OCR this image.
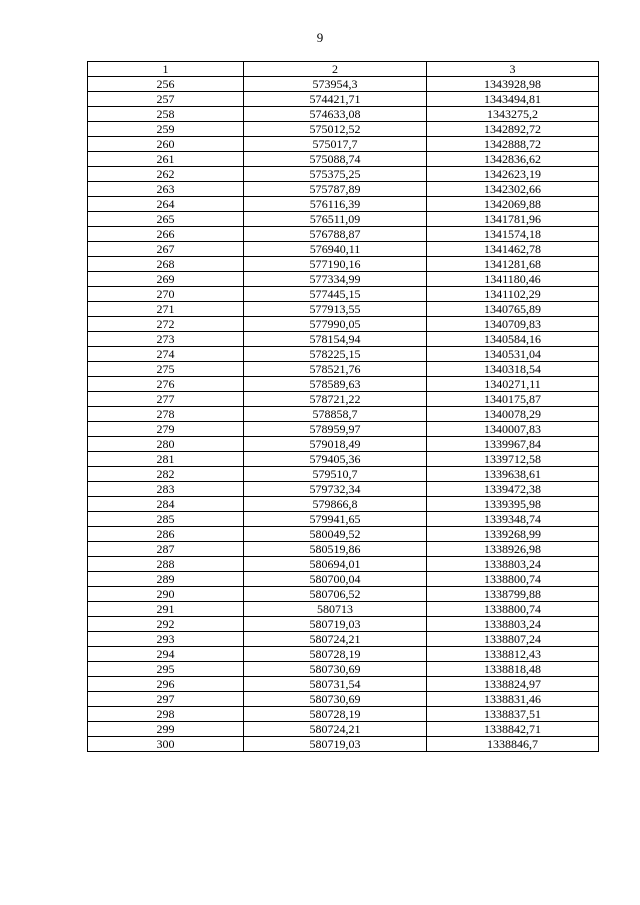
9
1	2	3
256	573954,3	1343928,98
257	574421,71	1343494,81
258	574633,08	1343275,2
259	575012,52	1342892,72
260	575017,7	1342888,72
261	575088,74	1342836,62
262	575375,25	1342623,19
263	575787,89	1342302,66
264	576116,39	1342069,88
265	576511,09	1341781,96
266	576788,87	1341574,18
267	576940,11	1341462,78
268	577190,16	1341281,68
269	577334,99	1341180,46
270	577445,15	1341102,29
271	577913,55	1340765,89
272	577990,05	1340709,83
273	578154,94	1340584,16
274	578225,15	1340531,04
275	578521,76	1340318,54
276	578589,63	1340271,11
277	578721,22	1340175,87
278	578858,7	1340078,29
279	578959,97	1340007,83
280	579018,49	1339967,84
281	579405,36	1339712,58
282	579510,7	1339638,61
283	579732,34	1339472,38
284	579866,8	1339395,98
285	579941,65	1339348,74
286	580049,52	1339268,99
287	580519,86	1338926,98
288	580694,01	1338803,24
289	580700,04	1338800,74
290	580706,52	1338799,88
291	580713	1338800,74
292	580719,03	1338803,24
293	580724,21	1338807,24
294	580728,19	1338812,43
295	580730,69	1338818,48
296	580731,54	1338824,97
297	580730,69	1338831,46
298	580728,19	1338837,51
299	580724,21	1338842,71
300	580719,03	1338846,7
